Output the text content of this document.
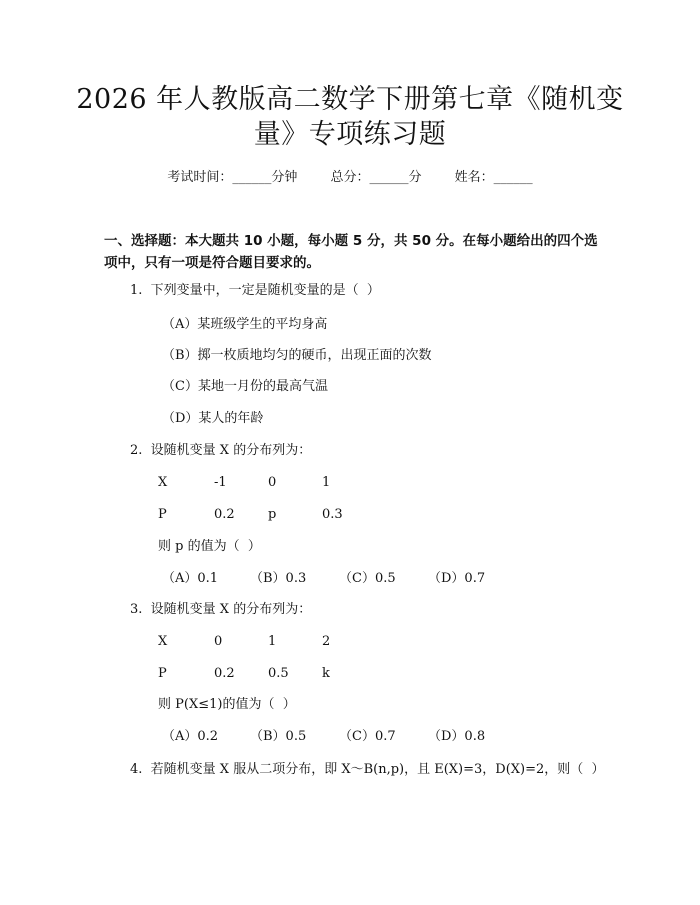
2026 年人教版高二数学下册第七章《随机变
量》专项练习题
考试时间：______分钟	总分：______分	姓名：______
一、选择题：本大题共 10 小题，每小题 5 分，共 50 分。在每小题给出的四个选
项中，只有一项是符合题目要求的。
1.  下列变量中，一定是随机变量的是（  ）
（A）某班级学生的平均身高
（B）掷一枚质地均匀的硬币，出现正面的次数
（C）某地一月份的最高气温
（D）某人的年龄
2.  设随机变量 X 的分布列为：
X	-1	0	1
P	0.2	p	0.3
则 p 的值为（  ）
（A）0.1 （B）0.3	（C）0.5 （D）0.7
3.  设随机变量 X 的分布列为：
X	0	1	2
P	0.2	0.5	k
则 P(X≤1)的值为（  ）
（A）0.2 （B）0.5	（C）0.7 （D）0.8
4.  若随机变量 X 服从二项分布，即 X～B(n,p)，且 E(X)=3，D(X)=2，则（  ）
